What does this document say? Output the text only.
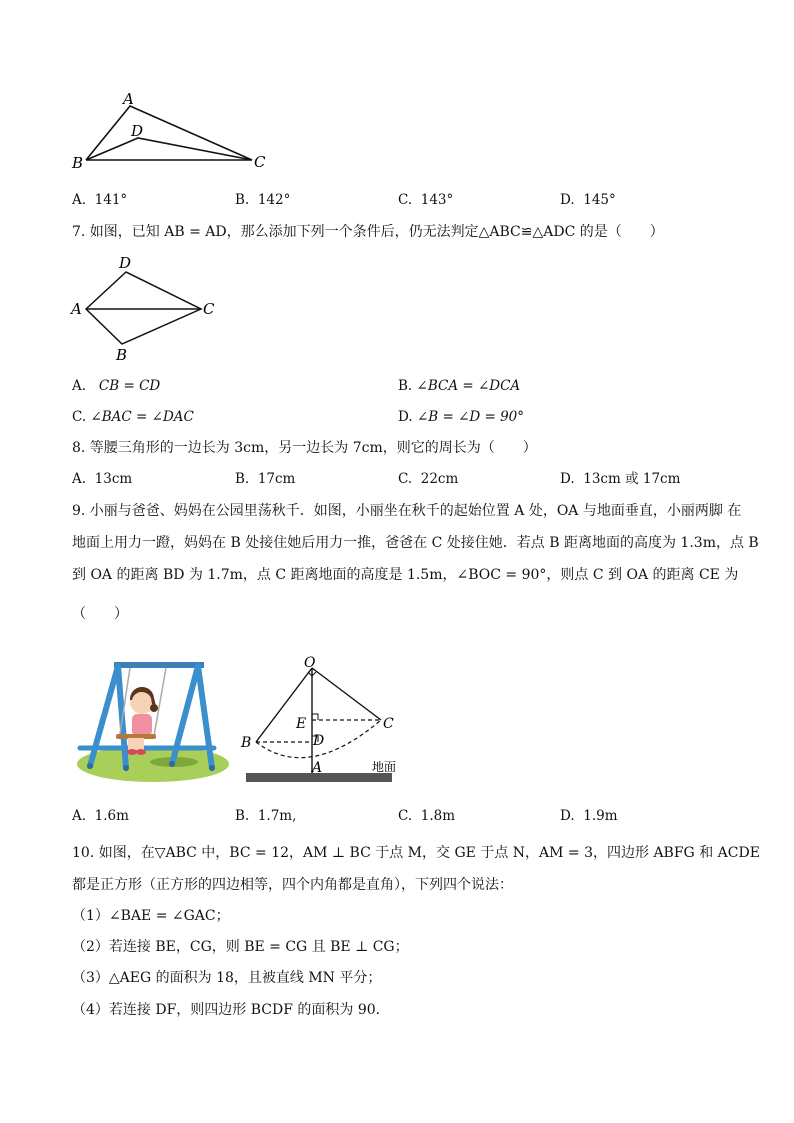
A
D
B	C
A. 141°	B. 142°	C. 143°	D. 145°
7. 如图，已知 AB = AD，那么添加下列一个条件后，仍无法判定△ABC≌△ADC 的是（　　）
D
A	C
B
A. CB = CD	B. ∠BCA = ∠DCA
C. ∠BAC = ∠DAC	D. ∠B = ∠D = 90°
8. 等腰三角形的一边长为 3cm，另一边长为 7cm，则它的周长为（　　）
A. 13cm	B. 17cm	C. 22cm	D. 13cm 或 17cm
9. 小丽与爸爸、妈妈在公园里荡秋千．如图，小丽坐在秋千的起始位置 A 处，OA 与地面垂直，小丽两脚 在
地面上用力一蹬，妈妈在 B 处接住她后用力一推，爸爸在 C 处接住她．若点 B 距离地面的高度为 1.3m，点 B
到 OA 的距离 BD 为 1.7m，点 C 距离地面的高度是 1.5m，∠BOC = 90°，则点 C 到 OA 的距离 CE 为
（　　）
O
E
D
A
B
C
地面
A. 1.6m	B. 1.7m,	C. 1.8m	D. 1.9m
10. 如图，在▽ABC 中，BC = 12，AM ⊥ BC 于点 M，交 GE 于点 N，AM = 3，四边形 ABFG 和 ACDE
都是正方形（正方形的四边相等，四个内角都是直角），下列四个说法：
（1）∠BAE = ∠GAC；
（2）若连接 BE，CG，则 BE = CG 且 BE ⊥ CG；
（3）△AEG 的面积为 18，且被直线 MN 平分；
（4）若连接 DF，则四边形 BCDF 的面积为 90．
